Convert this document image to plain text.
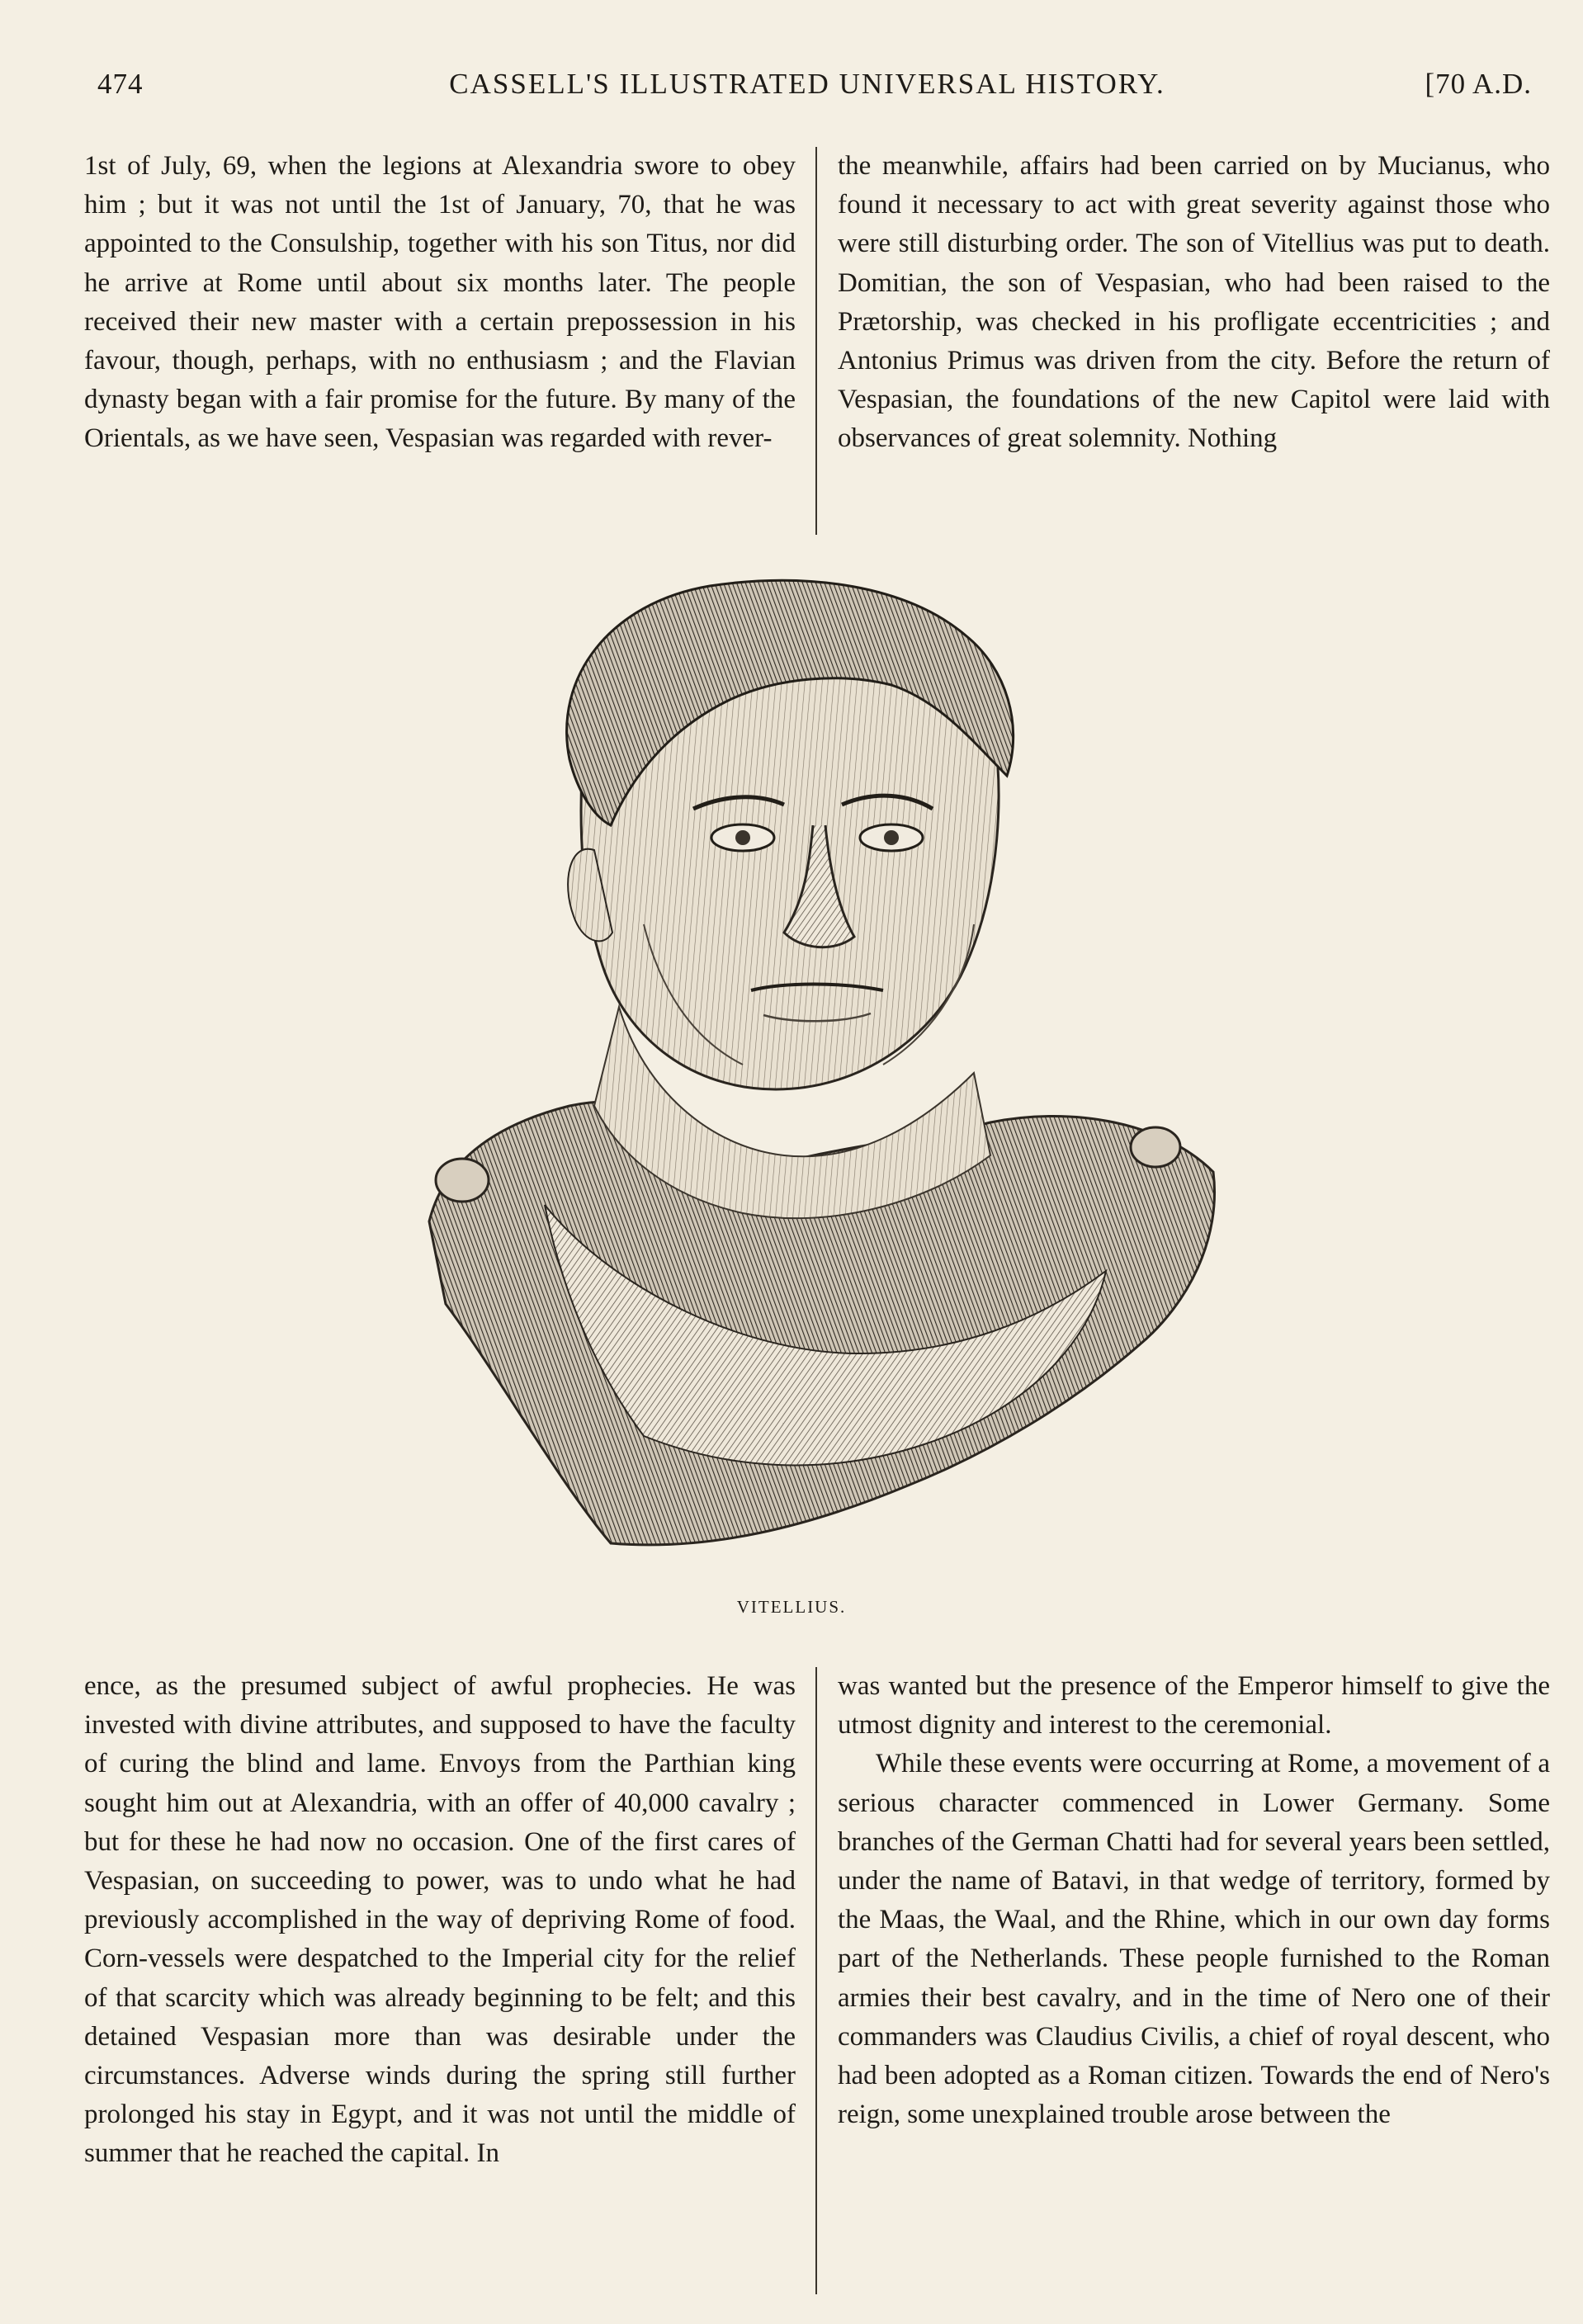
474	CASSELL'S ILLUSTRATED UNIVERSAL HISTORY.	[70 A.D.

1st of July, 69, when the legions at Alexandria swore to obey him ; but it was not until the 1st of January, 70, that he was appointed to the Consulship, together with his son Titus, nor did he arrive at Rome until about six months later. The people received their new master with a certain prepossession in his favour, though, perhaps, with no enthusiasm ; and the Flavian dynasty began with a fair promise for the future. By many of the Orientals, as we have seen, Vespasian was regarded with rever-

the meanwhile, affairs had been carried on by Mucianus, who found it necessary to act with great severity against those who were still disturbing order. The son of Vitellius was put to death. Domitian, the son of Vespasian, who had been raised to the Prætorship, was checked in his profligate eccentricities ; and Antonius Primus was driven from the city. Before the return of Vespasian, the foundations of the new Capitol were laid with observances of great solemnity. Nothing

VITELLIUS.

ence, as the presumed subject of awful prophecies. He was invested with divine attributes, and supposed to have the faculty of curing the blind and lame. Envoys from the Parthian king sought him out at Alexandria, with an offer of 40,000 cavalry ; but for these he had now no occasion. One of the first cares of Vespasian, on succeeding to power, was to undo what he had previously accomplished in the way of depriving Rome of food. Corn-vessels were despatched to the Imperial city for the relief of that scarcity which was already beginning to be felt; and this detained Vespasian more than was desirable under the circumstances. Adverse winds during the spring still further prolonged his stay in Egypt, and it was not until the middle of summer that he reached the capital. In

was wanted but the presence of the Emperor himself to give the utmost dignity and interest to the ceremonial.

While these events were occurring at Rome, a movement of a serious character commenced in Lower Germany. Some branches of the German Chatti had for several years been settled, under the name of Batavi, in that wedge of territory, formed by the Maas, the Waal, and the Rhine, which in our own day forms part of the Netherlands. These people furnished to the Roman armies their best cavalry, and in the time of Nero one of their commanders was Claudius Civilis, a chief of royal descent, who had been adopted as a Roman citizen. Towards the end of Nero's reign, some unexplained trouble arose between the
